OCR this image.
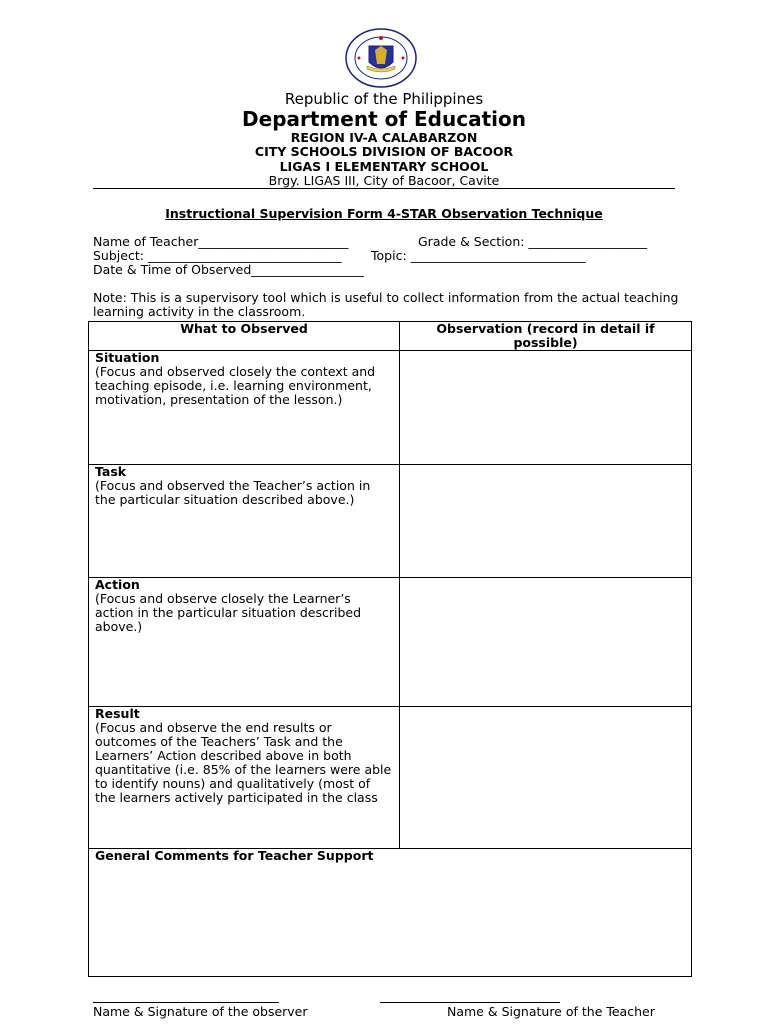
Republic of the Philippines
Department of Education
REGION IV-A CALABARZON
CITY SCHOOLS DIVISION OF BACOOR
LIGAS I ELEMENTARY SCHOOL
Brgy. LIGAS III, City of Bacoor, Cavite
Instructional Supervision Form 4-STAR Observation Technique
Name of Teacher________________________	Grade & Section: ___________________
Subject: _______________________________ Topic: ____________________________
Date & Time of Observed__________________
Note: This is a supervisory tool which is useful to collect information from the actual teaching learning activity in the classroom.
What to Observed	Observation (record in detail if possible)

Situation
(Focus and observed closely the context and teaching episode, i.e. learning environment, motivation, presentation of the lesson.)	

Task
(Focus and observed the Teacher’s action in the particular situation described above.)	

Action
(Focus and observe closely the Learner’s action in the particular situation described above.)	

Result
(Focus and observe the end results or outcomes of the Teachers’ Task and the Learners’ Action described above in both quantitative (i.e. 85% of the learners were able to identify nouns) and qualitatively (most of the learners actively participated in the class	

General Comments for Teacher Support	
Name & Signature of the observer	Name & Signature of the Teacher
